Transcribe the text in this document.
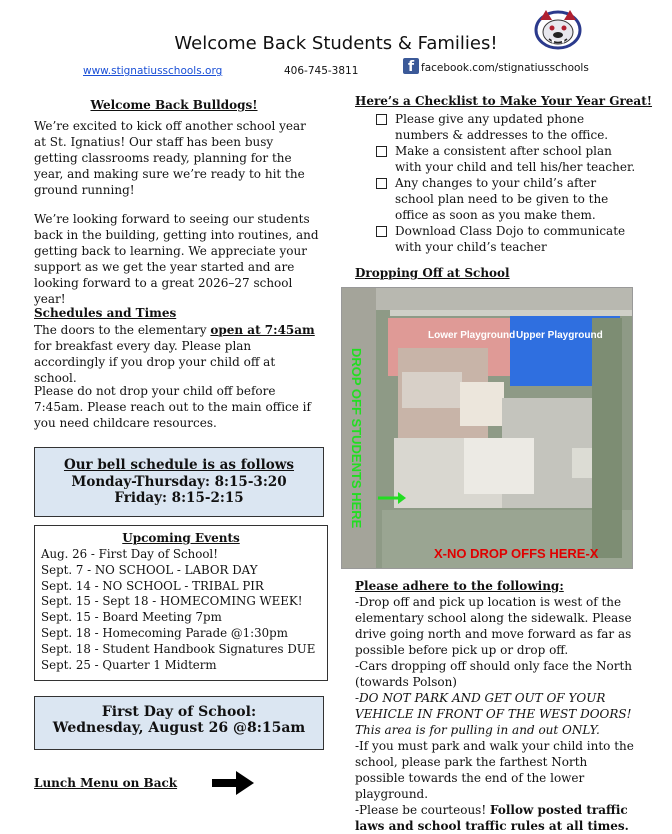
Welcome Back Students & Families!
www.stignatiusschools.org	406-745-3811	f facebook.com/stignatiusschools
Welcome Back Bulldogs!
We’re excited to kick off another school year at St. Ignatius! Our staff has been busy getting classrooms ready, planning for the year, and making sure we’re ready to hit the ground running!
We’re looking forward to seeing our students back in the building, getting into routines, and getting back to learning. We appreciate your support as we get the year started and are looking forward to a great 2026–27 school year!
Schedules and Times
The doors to the elementary open at 7:45am for breakfast every day. Please plan accordingly if you drop your child off at school.
Please do not drop your child off before 7:45am. Please reach out to the main office if you need childcare resources.
Our bell schedule is as follows
Monday-Thursday: 8:15-3:20
Friday: 8:15-2:15
Upcoming Events
Aug. 26 - First Day of School!
Sept. 7 - NO SCHOOL - LABOR DAY
Sept. 14 - NO SCHOOL - TRIBAL PIR
Sept. 15 - Sept 18 - HOMECOMING WEEK!
Sept. 15 - Board Meeting 7pm
Sept. 18 - Homecoming Parade @1:30pm
Sept. 18 - Student Handbook Signatures DUE
Sept. 25 - Quarter 1 Midterm
First Day of School:
Wednesday, August 26 @8:15am
Lunch Menu on Back
Here’s a Checklist to Make Your Year Great!
Please give any updated phone numbers & addresses to the office.
Make a consistent after school plan with your child and tell his/her teacher.
Any changes to your child’s after school plan need to be given to the office as soon as you make them.
Download Class Dojo to communicate with your child’s teacher
Dropping Off at School
Lower Playground Upper Playground
DROP OFF STUDENTS HERE
X-NO DROP OFFS HERE-X
Please adhere to the following:
-Drop off and pick up location is west of the elementary school along the sidewalk. Please drive going north and move forward as far as possible before pick up or drop off.
-Cars dropping off should only face the North (towards Polson)
-DO NOT PARK AND GET OUT OF YOUR VEHICLE IN FRONT OF THE WEST DOORS! This area is for pulling in and out ONLY.
-If you must park and walk your child into the school, please park the farthest North possible towards the end of the lower playground.
-Please be courteous! Follow posted traffic laws and school traffic rules at all times.
